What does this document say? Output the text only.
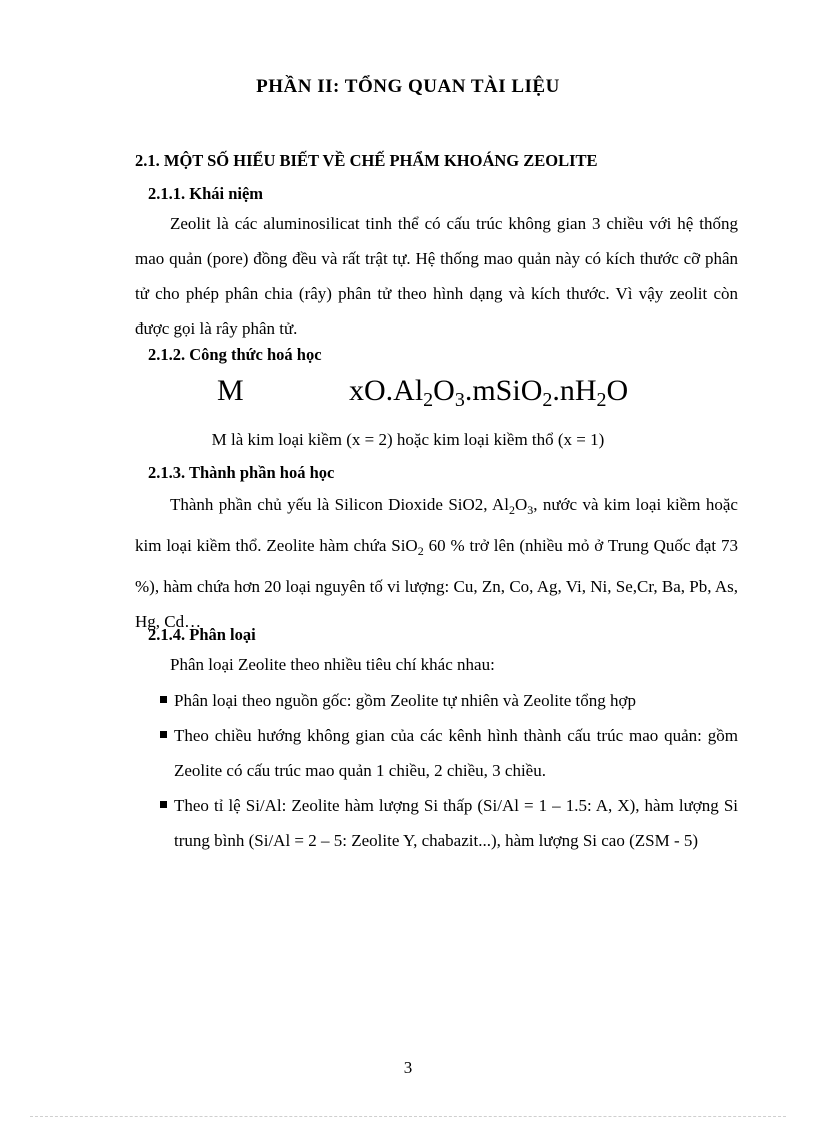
PHẦN II: TỔNG QUAN TÀI LIỆU
2.1. MỘT SỐ HIỂU BIẾT VỀ CHẾ PHẨM KHOÁNG ZEOLITE
2.1.1. Khái niệm
Zeolit là các aluminosilicat tinh thể có cấu trúc không gian 3 chiều với hệ thống mao quản (pore) đồng đều và rất trật tự. Hệ thống mao quản này có kích thước cỡ phân tử cho phép phân chia (rây) phân tử theo hình dạng và kích thước. Vì vậy zeolit còn được gọi là rây phân tử.
2.1.2. Công thức hoá học
M	$xO.Al_2O_3.mSiO_2.nH_2O$
M là kim loại kiềm (x = 2) hoặc kim loại kiềm thổ (x = 1)
2.1.3. Thành phần hoá học
Thành phần chủ yếu là Silicon Dioxide SiO2, $Al_2O_3$, nước và kim loại kiềm hoặc kim loại kiềm thổ. Zeolite hàm chứa SiO$_2$ 60 % trở lên (nhiều mỏ ở Trung Quốc đạt 73 %), hàm chứa hơn 20 loại nguyên tố vi lượng: Cu, Zn, Co, Ag, Vi, Ni, Se,Cr, Ba, Pb, As, Hg, Cd…
2.1.4. Phân loại
Phân loại Zeolite theo nhiều tiêu chí khác nhau:
Phân loại theo nguồn gốc: gồm Zeolite tự nhiên và Zeolite tổng hợp
Theo chiều hướng không gian của các kênh hình thành cấu trúc mao quản: gồm Zeolite có cấu trúc mao quản 1 chiều, 2 chiều, 3 chiều.
Theo tỉ lệ Si/Al: Zeolite hàm lượng Si thấp (Si/Al = 1 – 1.5: A, X), hàm lượng Si trung bình (Si/Al = 2 – 5: Zeolite Y, chabazit...), hàm lượng Si cao (ZSM - 5)
3
